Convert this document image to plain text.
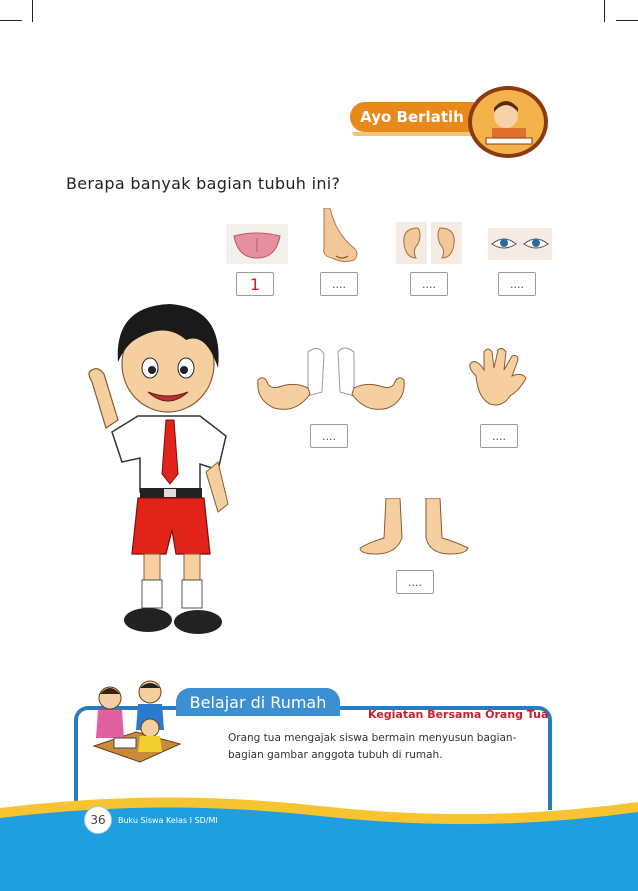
Ayo Berlatih
Berapa banyak bagian tubuh ini?
1	....	....	....
....	....
....
Belajar di Rumah
Kegiatan Bersama Orang Tua
Orang tua mengajak siswa bermain menyusun bagian-bagian gambar anggota tubuh di rumah.
36	Buku Siswa Kelas I SD/MI
